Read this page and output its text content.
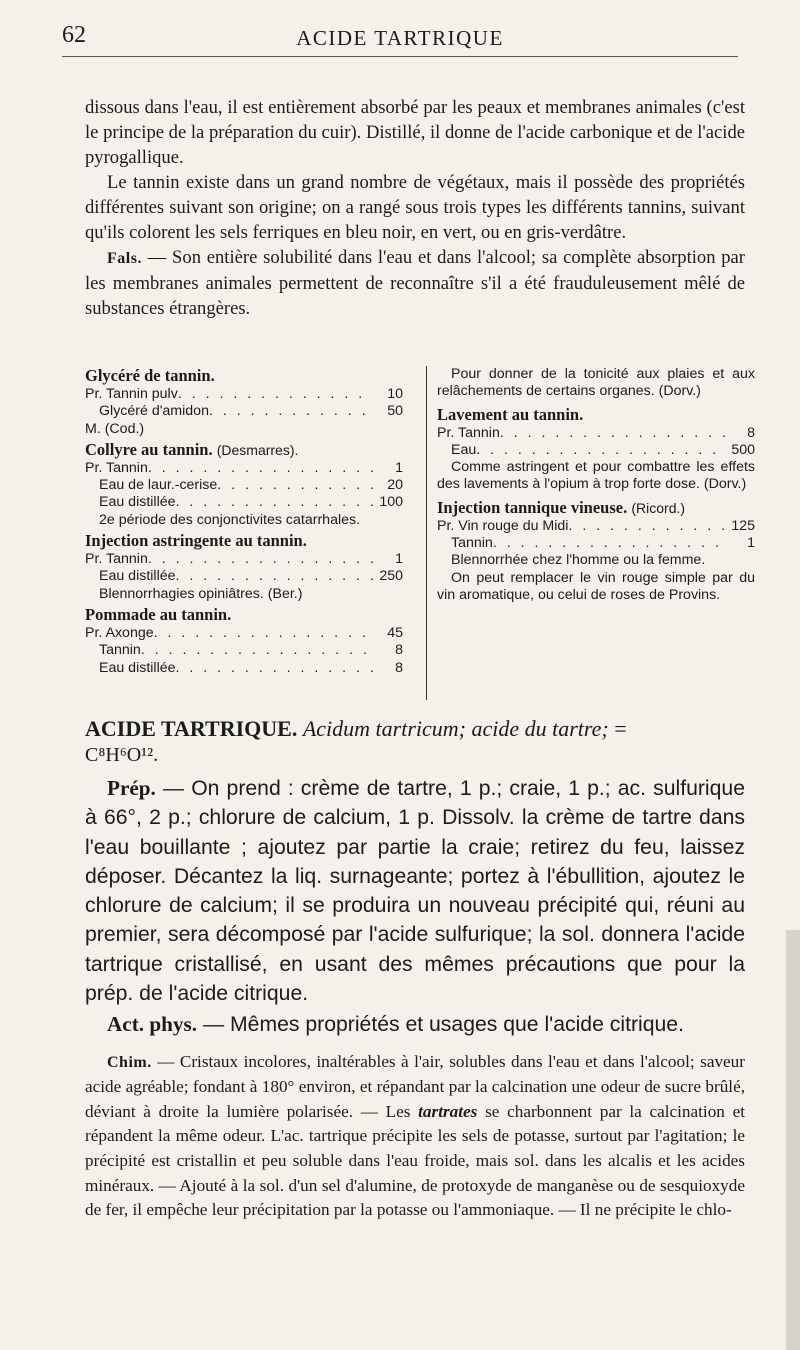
62	ACIDE TARTRIQUE

dissous dans l'eau, il est entièrement absorbé par les peaux et membranes animales (c'est le principe de la préparation du cuir). Distillé, il donne de l'acide carbonique et de l'acide pyrogallique.

Le tannin existe dans un grand nombre de végétaux, mais il possède des propriétés différentes suivant son origine; on a rangé sous trois types les différents tannins, suivant qu'ils colorent les sels ferriques en bleu noir, en vert, ou en gris-verdâtre.

Fals. — Son entière solubilité dans l'eau et dans l'alcool; sa complète absorption par les membranes animales permettent de reconnaître s'il a été frauduleusement mêlé de substances étrangères.

Glycéré de tannin.
Pr. Tannin pulv . . .	10
Glycéré d'amidon . . .	50

M. (Cod.)

Collyre au tannin. (Desmarres).
Pr. Tannin . . .	1
Eau de laur.-cerise . . .	20
Eau distillée . . .	100

2e période des conjonctivites catarrhales.

Injection astringente au tannin.
Pr. Tannin . . .	1
Eau distillée . . .	250

Blennorrhagies opiniâtres. (Ber.)

Pommade au tannin.
Pr. Axonge . . .	45
Tannin . . .	8
Eau distillée . . .	8

Pour donner de la tonicité aux plaies et aux relâchements de certains organes. (Dorv.)

Lavement au tannin.
Pr. Tannin . . .	8
Eau . . .	500

Comme astringent et pour combattre les effets des lavements à l'opium à trop forte dose. (Dorv.)

Injection tannique vineuse. (Ricord.)
Pr. Vin rouge du Midi . . .	125
Tannin . . .	1

Blennorrhée chez l'homme ou la femme.

On peut remplacer le vin rouge simple par du vin aromatique, ou celui de roses de Provins.

ACIDE TARTRIQUE. Acidum tartricum; acide du tartre; =
C⁸H⁶O¹².

Prép. — On prend : crème de tartre, 1 p.; craie, 1 p.; ac. sulfurique à 66°, 2 p.; chlorure de calcium, 1 p. Dissolv. la crème de tartre dans l'eau bouillante ; ajoutez par partie la craie; retirez du feu, laissez déposer. Décantez la liq. surnageante; portez à l'ébullition, ajoutez le chlorure de calcium; il se produira un nouveau précipité qui, réuni au premier, sera décomposé par l'acide sulfurique; la sol. donnera l'acide tartrique cristallisé, en usant des mêmes précautions que pour la prép. de l'acide citrique.

Act. phys. — Mêmes propriétés et usages que l'acide citrique.

Chim. — Cristaux incolores, inaltérables à l'air, solubles dans l'eau et dans l'alcool; saveur acide agréable; fondant à 180° environ, et répandant par la calcination une odeur de sucre brûlé, déviant à droite la lumière polarisée. — Les tartrates se charbonnent par la calcination et répandent la même odeur. L'ac. tartrique précipite les sels de potasse, surtout par l'agitation; le précipité est cristallin et peu soluble dans l'eau froide, mais sol. dans les alcalis et les acides minéraux. — Ajouté à la sol. d'un sel d'alumine, de protoxyde de manganèse ou de sesquioxyde de fer, il empêche leur précipitation par la potasse ou l'ammoniaque. — Il ne précipite le chlo-
